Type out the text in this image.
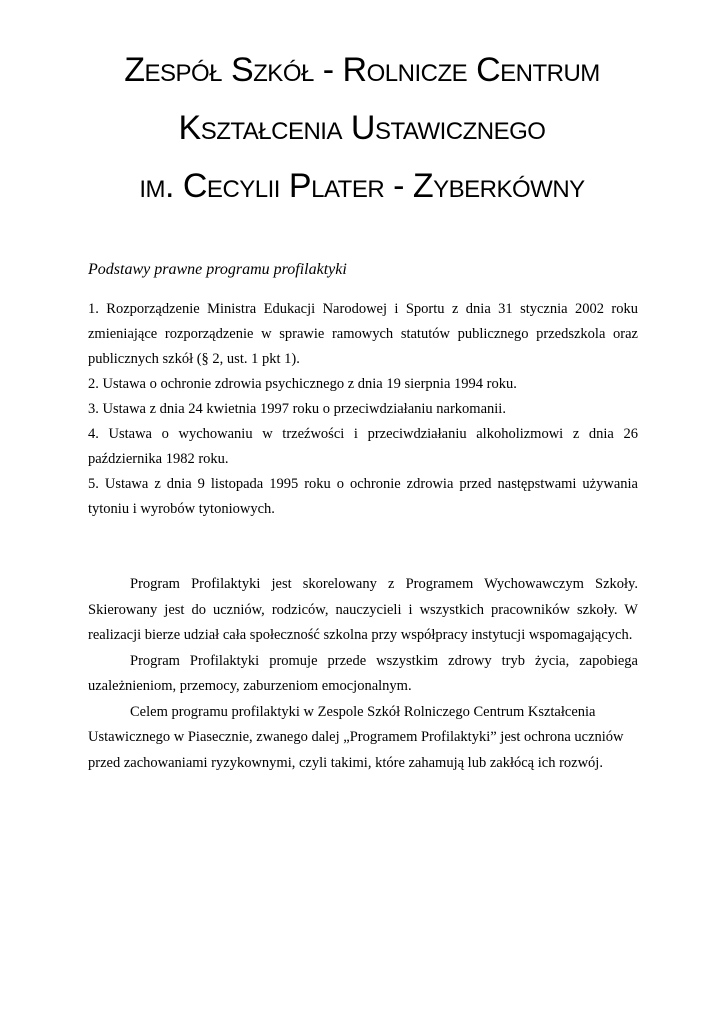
Zespół Szkół - Rolnicze Centrum
Kształcenia Ustawicznego
im. Cecylii Plater - Zyberkówny
Podstawy prawne programu profilaktyki

1. Rozporządzenie Ministra Edukacji Narodowej i Sportu z dnia 31 stycznia 2002 roku zmieniające rozporządzenie w sprawie ramowych statutów publicznego przedszkola oraz publicznych szkół (§ 2, ust. 1 pkt 1).

2. Ustawa o ochronie zdrowia psychicznego z dnia 19 sierpnia 1994 roku.

3. Ustawa z dnia 24 kwietnia 1997 roku o przeciwdziałaniu narkomanii.

4. Ustawa o wychowaniu w trzeźwości i przeciwdziałaniu alkoholizmowi z dnia 26 października 1982 roku.

5. Ustawa z dnia 9 listopada 1995 roku o ochronie zdrowia przed następstwami używania tytoniu i wyrobów tytoniowych.

Program Profilaktyki jest skorelowany z Programem Wychowawczym Szkoły. Skierowany jest do uczniów, rodziców, nauczycieli i wszystkich pracowników szkoły. W realizacji bierze udział cała społeczność szkolna przy współpracy instytucji wspomagających.

Program Profilaktyki promuje przede wszystkim zdrowy tryb życia, zapobiega uzależnieniom, przemocy, zaburzeniom emocjonalnym.

Celem programu profilaktyki w Zespole Szkół Rolniczego Centrum Kształcenia Ustawicznego w Piasecznie, zwanego dalej „Programem Profilaktyki” jest ochrona uczniów przed zachowaniami ryzykownymi, czyli takimi, które zahamują lub zakłócą ich rozwój.
